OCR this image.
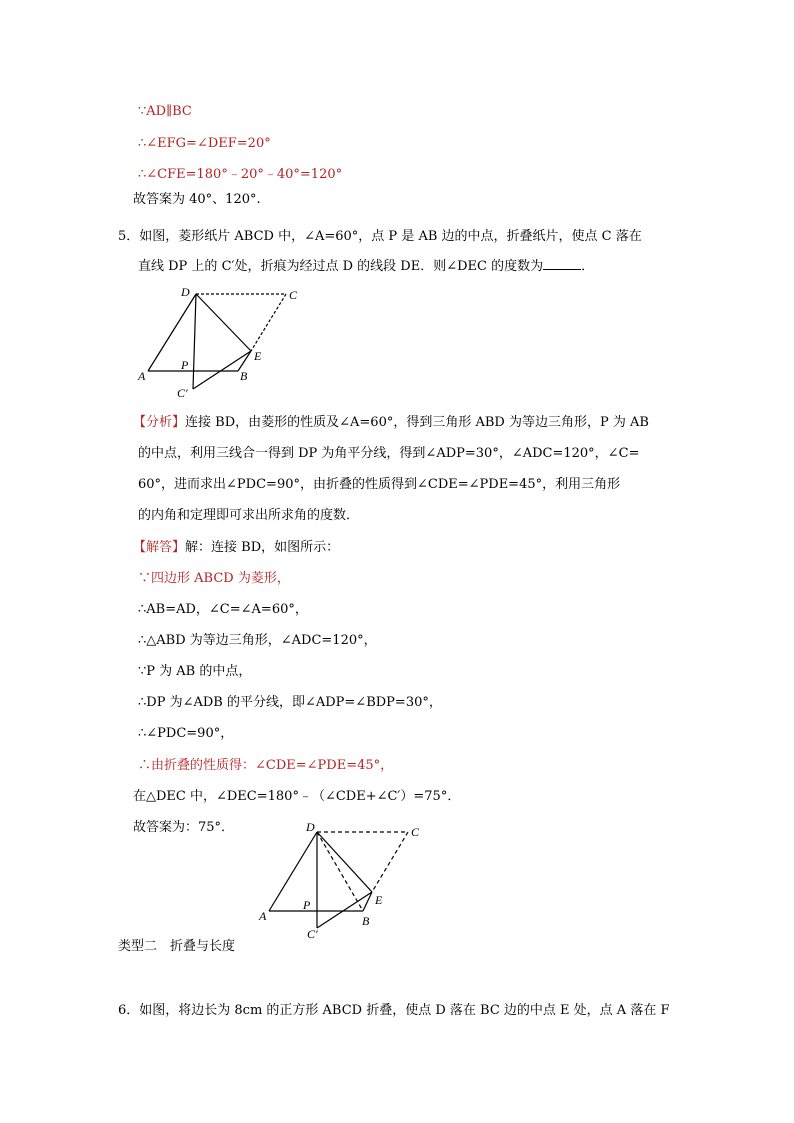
∵AD∥BC
∴∠EFG=∠DEF=20°
∴∠CFE=180°﹣20°﹣40°=120°
故答案为 40°、120°.
5．如图，菱形纸片 ABCD 中，∠A=60°，点 P 是 AB 边的中点，折叠纸片，使点 C 落在
直线 DP 上的 C′处，折痕为经过点 D 的线段 DE．则∠DEC 的度数为	．
D	C
E
P
A	B
C′
【分析】连接 BD，由菱形的性质及∠A=60°，得到三角形 ABD 为等边三角形，P 为 AB
的中点，利用三线合一得到 DP 为角平分线，得到∠ADP=30°，∠ADC=120°，∠C=
60°，进而求出∠PDC=90°，由折叠的性质得到∠CDE=∠PDE=45°，利用三角形
的内角和定理即可求出所求角的度数．
【解答】解：连接 BD，如图所示：
∵四边形 ABCD 为菱形，
∴AB=AD，∠C=∠A=60°，
∴△ABD 为等边三角形，∠ADC=120°，
∵P 为 AB 的中点，
∴DP 为∠ADB 的平分线，即∠ADP=∠BDP=30°，
∴∠PDC=90°，
∴由折叠的性质得：∠CDE=∠PDE=45°，
在△DEC 中，∠DEC=180°﹣（∠CDE+∠C′）=75°．
故答案为：75°．	D	C
E
P
A	B
C′
类型二　折叠与长度
6．如图，将边长为 8cm 的正方形 ABCD 折叠，使点 D 落在 BC 边的中点 E 处，点 A 落在 F
